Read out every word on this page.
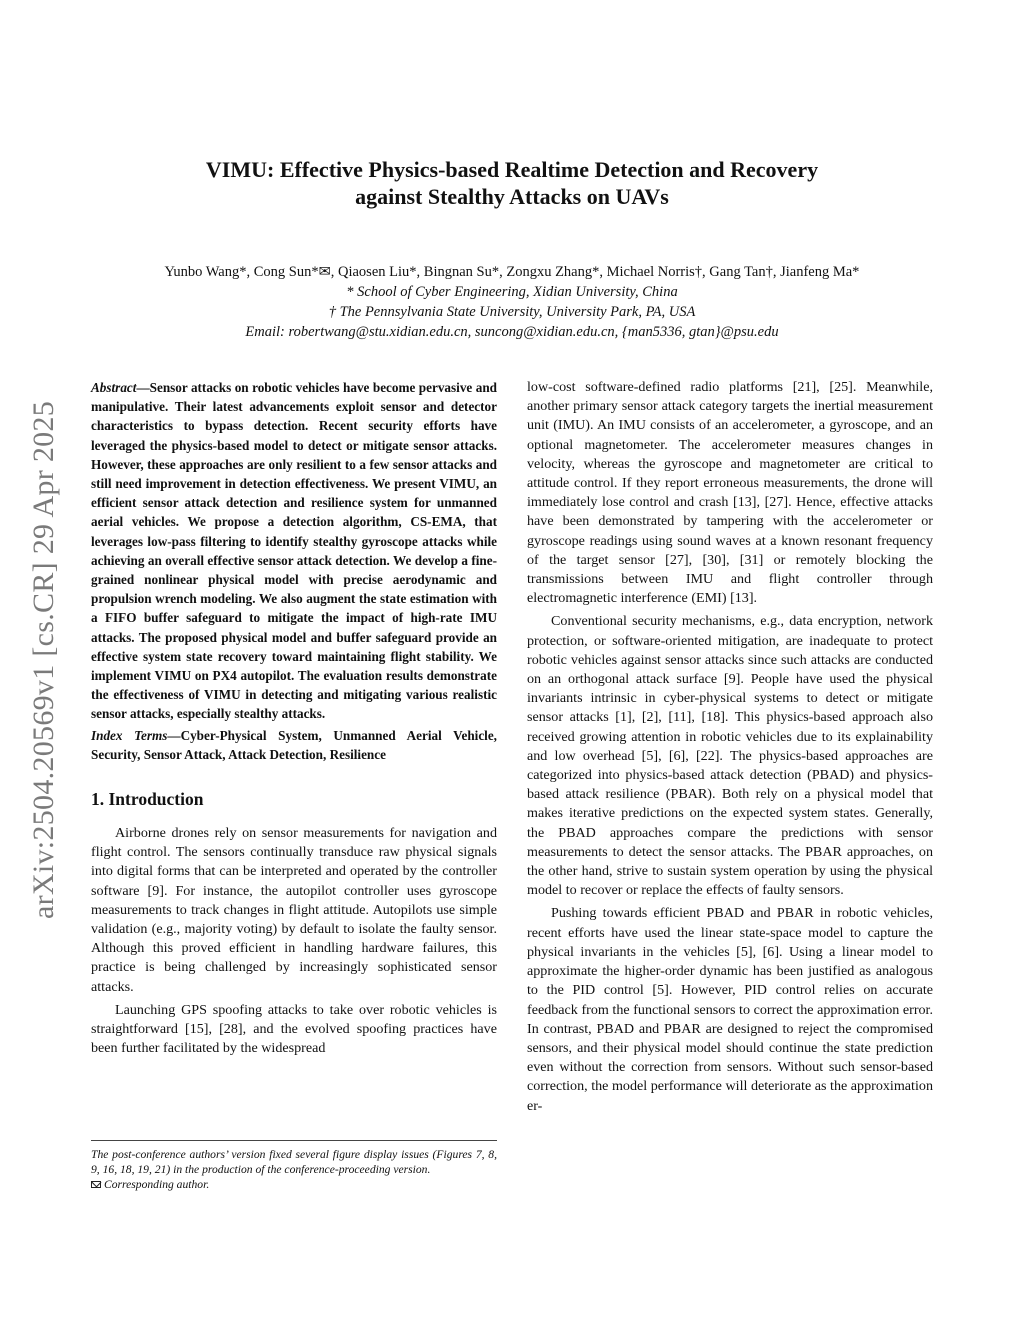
arXiv:2504.20569v1 [cs.CR] 29 Apr 2025
VIMU: Effective Physics-based Realtime Detection and Recovery
against Stealthy Attacks on UAVs

Yunbo Wang*, Cong Sun*✉, Qiaosen Liu*, Bingnan Su*, Zongxu Zhang*, Michael Norris†, Gang Tan†, Jianfeng Ma*

* School of Cyber Engineering, Xidian University, China

† The Pennsylvania State University, University Park, PA, USA

Email: robertwang@stu.xidian.edu.cn, suncong@xidian.edu.cn, {man5336, gtan}@psu.edu

Abstract—Sensor attacks on robotic vehicles have become pervasive and manipulative. Their latest advancements exploit sensor and detector characteristics to bypass detection. Recent security efforts have leveraged the physics-based model to detect or mitigate sensor attacks. However, these approaches are only resilient to a few sensor attacks and still need improvement in detection effectiveness. We present VIMU, an efficient sensor attack detection and resilience system for unmanned aerial vehicles. We propose a detection algorithm, CS-EMA, that leverages low-pass filtering to identify stealthy gyroscope attacks while achieving an overall effective sensor attack detection. We develop a fine-grained nonlinear physical model with precise aerodynamic and propulsion wrench modeling. We also augment the state estimation with a FIFO buffer safeguard to mitigate the impact of high-rate IMU attacks. The proposed physical model and buffer safeguard provide an effective system state recovery toward maintaining flight stability. We implement VIMU on PX4 autopilot. The evaluation results demonstrate the effectiveness of VIMU in detecting and mitigating various realistic sensor attacks, especially stealthy attacks.

Index Terms—Cyber-Physical System, Unmanned Aerial Vehicle, Security, Sensor Attack, Attack Detection, Resilience

1. Introduction

Airborne drones rely on sensor measurements for navigation and flight control. The sensors continually transduce raw physical signals into digital forms that can be interpreted and operated by the controller software [9]. For instance, the autopilot controller uses gyroscope measurements to track changes in flight attitude. Autopilots use simple validation (e.g., majority voting) by default to isolate the faulty sensor. Although this proved efficient in handling hardware failures, this practice is being challenged by increasingly sophisticated sensor attacks.

Launching GPS spoofing attacks to take over robotic vehicles is straightforward [15], [28], and the evolved spoofing practices have been further facilitated by the widespread

The post-conference authors’ version fixed several figure display issues (Figures 7, 8, 9, 16, 18, 19, 21) in the production of the conference-proceeding version.

Corresponding author.

low-cost software-defined radio platforms [21], [25]. Meanwhile, another primary sensor attack category targets the inertial measurement unit (IMU). An IMU consists of an accelerometer, a gyroscope, and an optional magnetometer. The accelerometer measures changes in velocity, whereas the gyroscope and magnetometer are critical to attitude control. If they report erroneous measurements, the drone will immediately lose control and crash [13], [27]. Hence, effective attacks have been demonstrated by tampering with the accelerometer or gyroscope readings using sound waves at a known resonant frequency of the target sensor [27], [30], [31] or remotely blocking the transmissions between IMU and flight controller through electromagnetic interference (EMI) [13].

Conventional security mechanisms, e.g., data encryption, network protection, or software-oriented mitigation, are inadequate to protect robotic vehicles against sensor attacks since such attacks are conducted on an orthogonal attack surface [9]. People have used the physical invariants intrinsic in cyber-physical systems to detect or mitigate sensor attacks [1], [2], [11], [18]. This physics-based approach also received growing attention in robotic vehicles due to its explainability and low overhead [5], [6], [22]. The physics-based approaches are categorized into physics-based attack detection (PBAD) and physics-based attack resilience (PBAR). Both rely on a physical model that makes iterative predictions on the expected system states. Generally, the PBAD approaches compare the predictions with sensor measurements to detect the sensor attacks. The PBAR approaches, on the other hand, strive to sustain system operation by using the physical model to recover or replace the effects of faulty sensors.

Pushing towards efficient PBAD and PBAR in robotic vehicles, recent efforts have used the linear state-space model to capture the physical invariants in the vehicles [5], [6]. Using a linear model to approximate the higher-order dynamic has been justified as analogous to the PID control [5]. However, PID control relies on accurate feedback from the functional sensors to correct the approximation error. In contrast, PBAD and PBAR are designed to reject the compromised sensors, and their physical model should continue the state prediction even without the correction from sensors. Without such sensor-based correction, the model performance will deteriorate as the approximation er-
